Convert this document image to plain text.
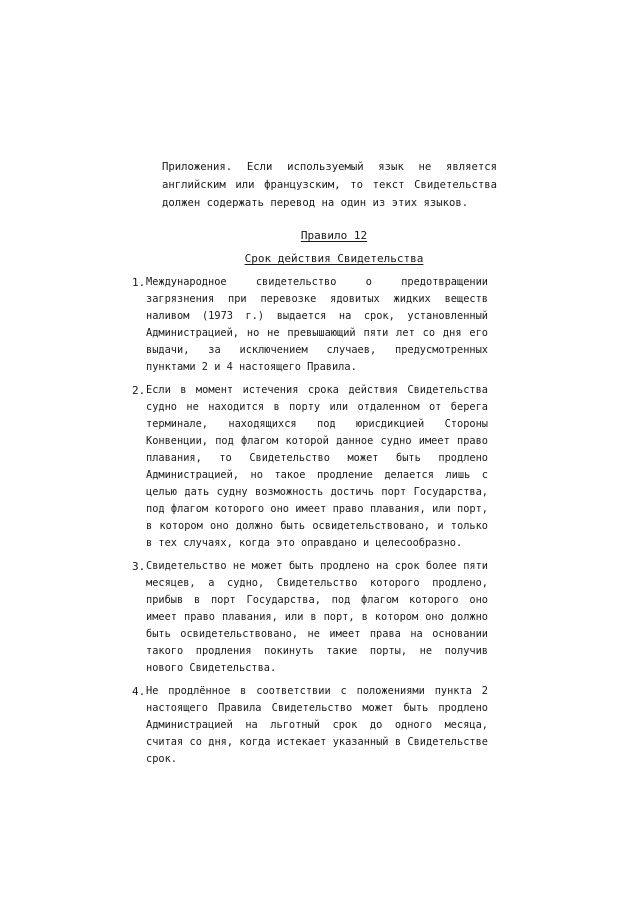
Приложения. Если используемый язык не является английским или французским, то текст Свидетельства должен содержать перевод на один из этих языков.

Правило 12
Срок действия Свидетельства
1. Международное свидетельство о предотвращении загрязнения при перевозке ядовитых жидких веществ наливом (1973 г.) выдается на срок, установленный Администрацией, но не превышающий пяти лет со дня его выдачи, за исключением случаев, предусмотренных пунктами 2 и 4 настоящего Правила.

2. Если в момент истечения срока действия Свидетельства судно не находится в порту или отдаленном от берега терминале, находящихся под юрисдикцией Стороны Конвенции, под флагом которой данное судно имеет право плавания, то Свидетельство может быть продлено Администрацией, но такое продление делается лишь с целью дать судну возможность достичь порт Государства, под флагом которого оно имеет право плавания, или порт, в котором оно должно быть освидетельствовано, и только в тех случаях, когда это оправдано и целесообразно.

3. Свидетельство не может быть продлено на срок более пяти месяцев, а судно, Свидетельство которого продлено, прибыв в порт Государства, под флагом которого оно имеет право плавания, или в порт, в котором оно должно быть освидетельствовано, не имеет права на основании такого продления покинуть такие порты, не получив нового Свидетельства.

4. Не продлённое в соответствии с положениями пункта 2 настоящего Правила Свидетельство может быть продлено Администрацией на льготный срок до одного месяца, считая со дня, когда истекает указанный в Свидетельстве срок.
